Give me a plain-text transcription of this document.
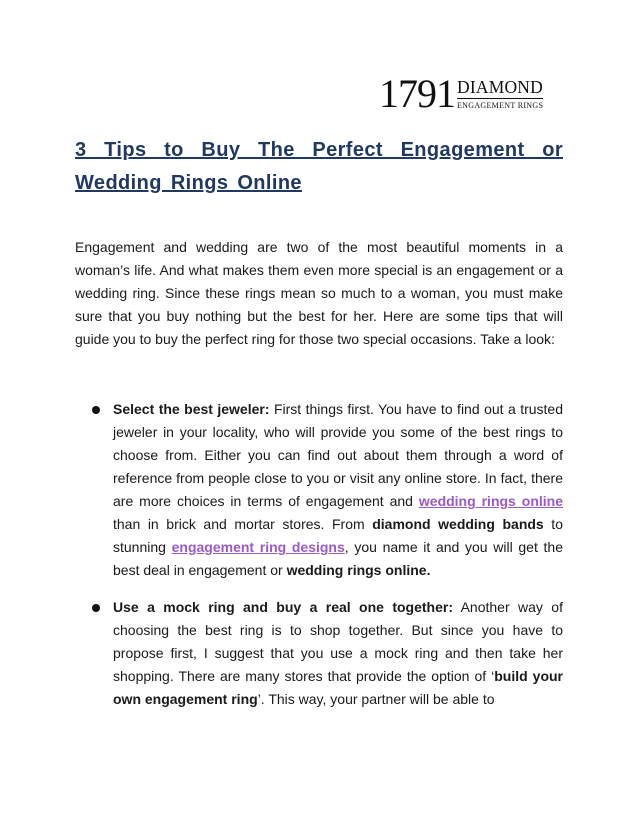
1791 DIAMOND
ENGAGEMENT RINGS
3 Tips to Buy The Perfect Engagement or Wedding Rings Online

Engagement and wedding are two of the most beautiful moments in a woman’s life. And what makes them even more special is an engagement or a wedding ring. Since these rings mean so much to a woman, you must make sure that you buy nothing but the best for her. Here are some tips that will guide you to buy the perfect ring for those two special occasions. Take a look:

Select the best jeweler: First things first. You have to find out a trusted jeweler in your locality, who will provide you some of the best rings to choose from. Either you can find out about them through a word of reference from people close to you or visit any online store. In fact, there are more choices in terms of engagement and wedding rings online than in brick and mortar stores. From diamond wedding bands to stunning engagement ring designs, you name it and you will get the best deal in engagement or wedding rings online.
Use a mock ring and buy a real one together: Another way of choosing the best ring is to shop together. But since you have to propose first, I suggest that you use a mock ring and then take her shopping. There are many stores that provide the option of ‘build your own engagement ring’. This way, your partner will be able to
